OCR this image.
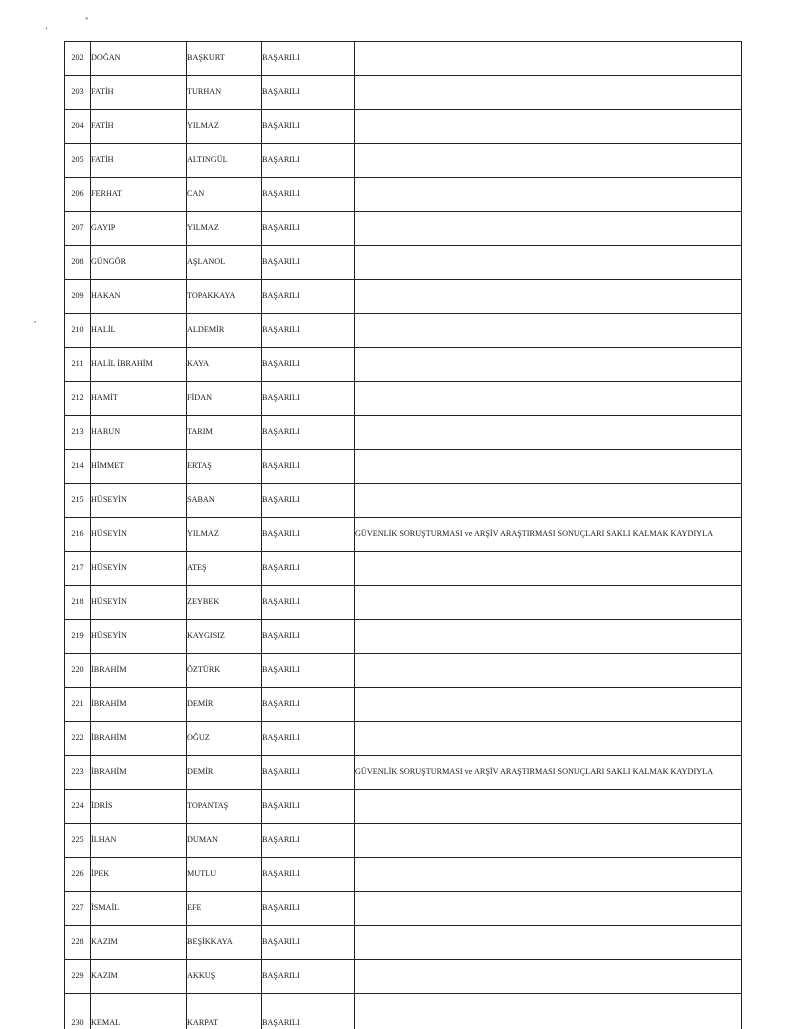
ʼ
*
•
202	DOĞAN	BAŞKURT	BAŞARILI	
203	FATİH	TURHAN	BAŞARILI	
204	FATİH	YILMAZ	BAŞARILI	
205	FATİH	ALTINGÜL	BAŞARILI	
206	FERHAT	CAN	BAŞARILI	
207	GAYIP	YILMAZ	BAŞARILI	
208	GÜNGÖR	AŞLANOL	BAŞARILI	
209	HAKAN	TOPAKKAYA	BAŞARILI	
210	HALİL	ALDEMİR	BAŞARILI	
211	HALİL İBRAHİM	KAYA	BAŞARILI	
212	HAMİT	FİDAN	BAŞARILI	
213	HARUN	TARIM	BAŞARILI	
214	HİMMET	ERTAŞ	BAŞARILI	
215	HÜSEYİN	SABAN	BAŞARILI	
216	HÜSEYİN	YILMAZ	BAŞARILI	GÜVENLİK SORUŞTURMASI ve ARŞİV ARAŞTIRMASI SONUÇLARI SAKLI KALMAK KAYDIYLA
217	HÜSEYİN	ATEŞ	BAŞARILI	
218	HÜSEYİN	ZEYBEK	BAŞARILI	
219	HÜSEYİN	KAYGISIZ	BAŞARILI	
220	İBRAHİM	ÖZTÜRK	BAŞARILI	
221	İBRAHİM	DEMİR	BAŞARILI	
222	İBRAHİM	OĞUZ	BAŞARILI	
223	İBRAHİM	DEMİR	BAŞARILI	GÜVENLİK SORUŞTURMASI ve ARŞİV ARAŞTIRMASI SONUÇLARI SAKLI KALMAK KAYDIYLA
224	İDRİS	TOPANTAŞ	BAŞARILI	
225	İLHAN	DUMAN	BAŞARILI	
226	İPEK	MUTLU	BAŞARILI	
227	İSMAİL	EFE	BAŞARILI	
228	KAZIM	BEŞİKKAYA	BAŞARILI	
229	KAZIM	AKKUŞ	BAŞARILI	
230	KEMAL	KARPAT	BAŞARILI	
